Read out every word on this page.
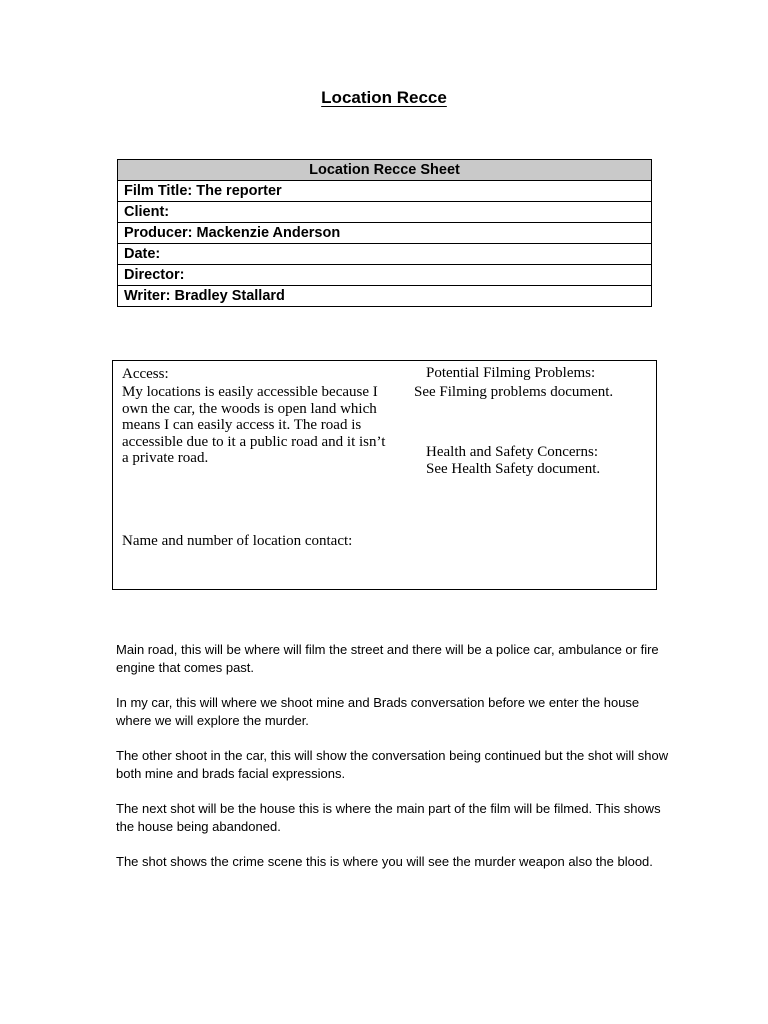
Location Recce
Location Recce Sheet
Film Title: The reporter
Client:
Producer: Mackenzie Anderson
Date:
Director:
Writer: Bradley Stallard
Access:
My locations is easily accessible because I own the car, the woods is open land which means I can easily access it. The road is accessible due to it a public road and it isn’t a private road.
Potential Filming Problems:
See Filming problems document.
Health and Safety Concerns:
See Health Safety document.
Name and number of location contact:

Main road, this will be where will film the street and there will be a police car, ambulance or fire engine that comes past.

In my car, this will where we shoot mine and Brads conversation before we enter the house where we will explore the murder.

The other shoot in the car, this will show the conversation being continued but the shot will show both mine and brads facial expressions.

The next shot will be the house this is where the main part of the film will be filmed. This shows the house being abandoned.

The shot shows the crime scene this is where you will see the murder weapon also the blood.
